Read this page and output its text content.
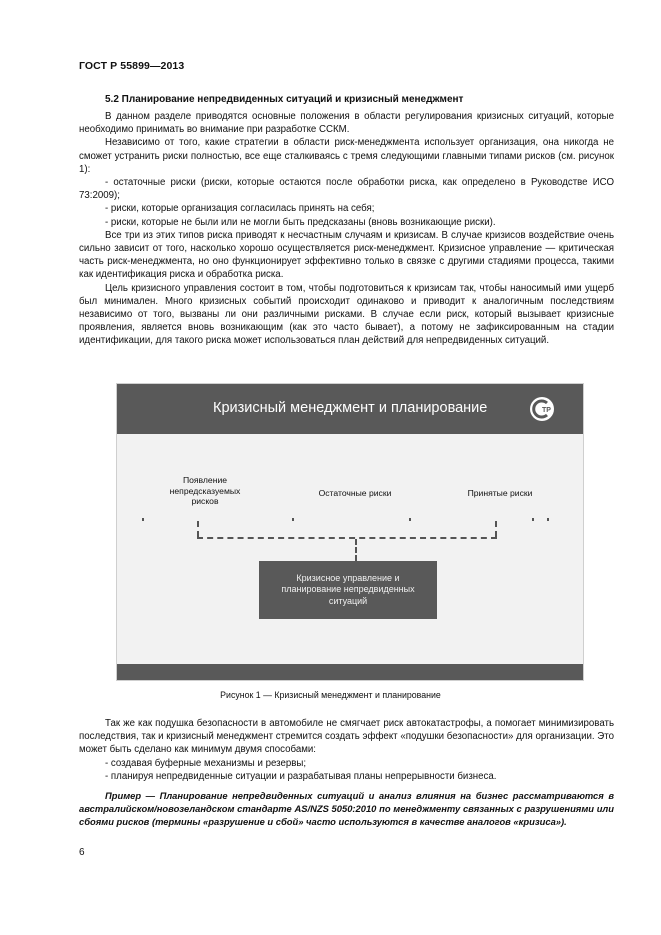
ГОСТ Р 55899—2013
5.2 Планирование непредвиденных ситуаций и кризисный менеджмент

В данном разделе приводятся основные положения в области регулирования кризисных ситуаций, которые необходимо принимать во внимание при разработке ССКМ.

Независимо от того, какие стратегии в области риск-менеджмента использует организация, она никогда не сможет устранить риски полностью, все еще сталкиваясь с тремя следующими главными типами рисков (см. рисунок 1):

- остаточные риски (риски, которые остаются после обработки риска, как определено в Руководстве ИСО 73:2009);

- риски, которые организация согласилась принять на себя;

- риски, которые не были или не могли быть предсказаны (вновь возникающие риски).

Все три из этих типов риска приводят к несчастным случаям и кризисам. В случае кризисов воздействие очень сильно зависит от того, насколько хорошо осуществляется риск-менеджмент. Кризисное управление — критическая часть риск-менеджмента, но оно функционирует эффективно только в связке с другими стадиями процесса, такими как идентификация риска и обработка риска.

Цель кризисного управления состоит в том, чтобы подготовиться к кризисам так, чтобы наносимый ими ущерб был минимален. Много кризисных событий происходит одинаково и приводит к аналогичным последствиям независимо от того, вызваны ли они различными рисками. В случае если риск, который вызывает кризисные проявления, является вновь возникающим (как это часто бывает), а потому не зафиксированным на стадии идентификации, для такого риска может использоваться план действий для непредвиденных ситуаций.

Кризисный менеджмент и планирование	ТР
Появление непредсказуемых рисков
Остаточные риски	Принятые риски
Кризисное управление и планирование непредвиденных ситуаций
Рисунок 1 — Кризисный менеджмент и планирование

Так же как подушка безопасности в автомобиле не смягчает риск автокатастрофы, а помогает минимизировать последствия, так и кризисный менеджмент стремится создать эффект «подушки безопасности» для организации. Это может быть сделано как минимум двумя способами:

- создавая буферные механизмы и резервы;

- планируя непредвиденные ситуации и разрабатывая планы непрерывности бизнеса.

Пример — Планирование непредвиденных ситуаций и анализ влияния на бизнес рассматриваются в австралийском/новозеландском стандарте AS/NZS 5050:2010 по менеджменту связанных с разрушениями или сбоями рисков (термины «разрушение и сбой» часто используются в качестве аналогов «кризиса»).
6
